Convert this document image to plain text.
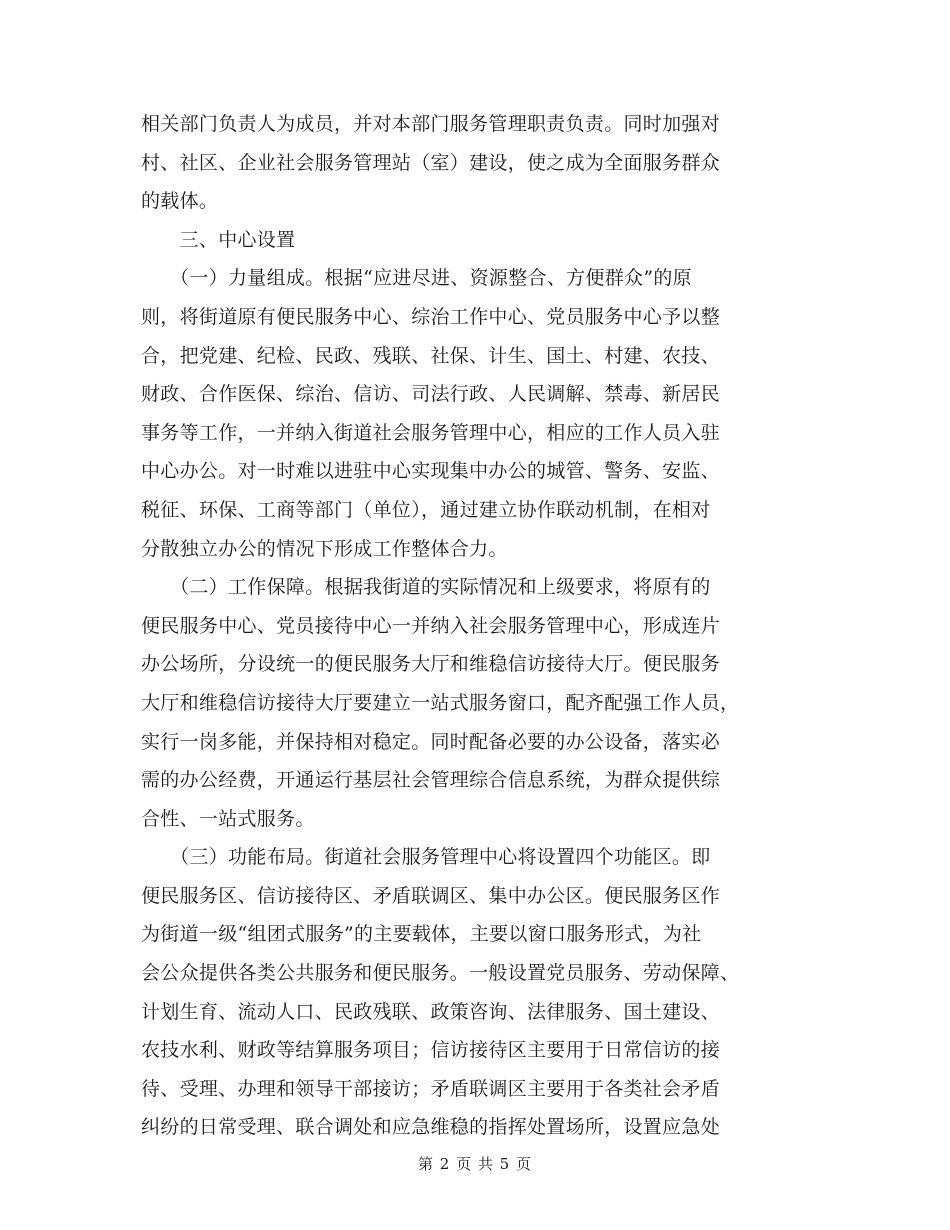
相关部门负责人为成员，并对本部门服务管理职责负责。同时加强对
村、社区、企业社会服务管理站（室）建设，使之成为全面服务群众
的载体。
　　三、中心设置
　　（一）力量组成。根据“应进尽进、资源整合、方便群众”的原
则，将街道原有便民服务中心、综治工作中心、党员服务中心予以整
合，把党建、纪检、民政、残联、社保、计生、国土、村建、农技、
财政、合作医保、综治、信访、司法行政、人民调解、禁毒、新居民
事务等工作，一并纳入街道社会服务管理中心，相应的工作人员入驻
中心办公。对一时难以进驻中心实现集中办公的城管、警务、安监、
税征、环保、工商等部门（单位），通过建立协作联动机制，在相对
分散独立办公的情况下形成工作整体合力。
　　（二）工作保障。根据我街道的实际情况和上级要求，将原有的
便民服务中心、党员接待中心一并纳入社会服务管理中心，形成连片
办公场所，分设统一的便民服务大厅和维稳信访接待大厅。便民服务
大厅和维稳信访接待大厅要建立一站式服务窗口，配齐配强工作人员，
实行一岗多能，并保持相对稳定。同时配备必要的办公设备，落实必
需的办公经费，开通运行基层社会管理综合信息系统，为群众提供综
合性、一站式服务。
　　（三）功能布局。街道社会服务管理中心将设置四个功能区。即
便民服务区、信访接待区、矛盾联调区、集中办公区。便民服务区作
为街道一级“组团式服务”的主要载体，主要以窗口服务形式，为社
会公众提供各类公共服务和便民服务。一般设置党员服务、劳动保障、
计划生育、流动人口、民政残联、政策咨询、法律服务、国土建设、
农技水利、财政等结算服务项目；信访接待区主要用于日常信访的接
待、受理、办理和领导干部接访；矛盾联调区主要用于各类社会矛盾
纠纷的日常受理、联合调处和应急维稳的指挥处置场所，设置应急处
第 2 页 共 5 页
